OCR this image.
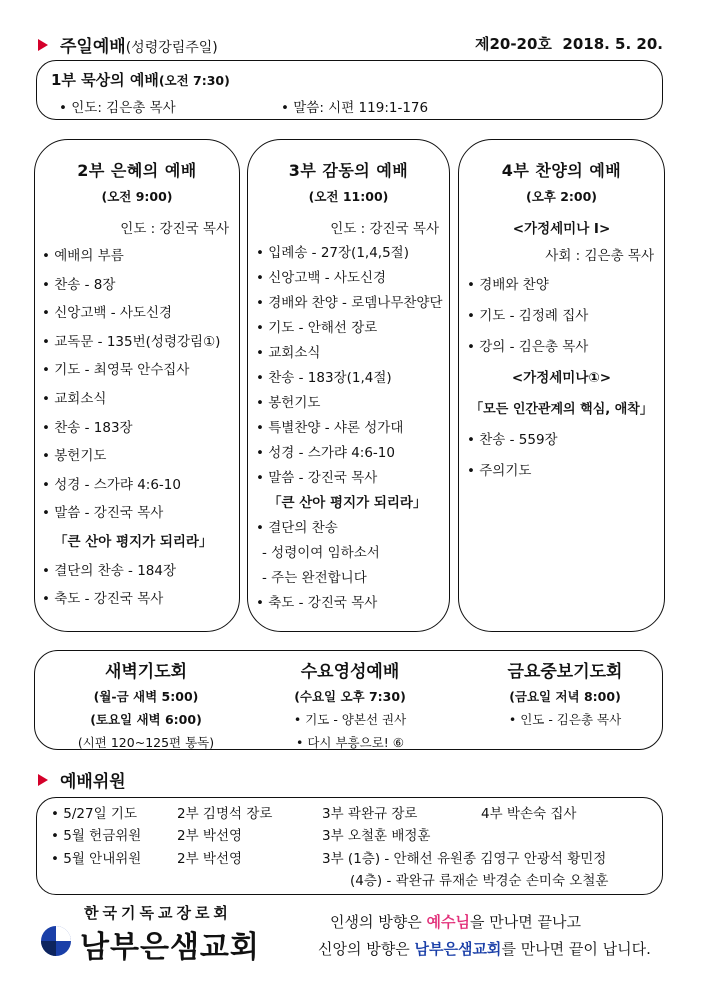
주일예배(성령강림주일)	제20-20호 2018. 5. 20.
1부 묵상의 예배(오전 7:30)
• 인도: 김은총 목사	• 말씀: 시편 119:1-176
2부 은혜의 예배
(오전 9:00)
인도 : 강진국 목사
• 예배의 부름
• 찬송 - 8장
• 신앙고백 - 사도신경
• 교독문 - 135번(성령강림①)
• 기도 - 최영묵 안수집사
• 교회소식
• 찬송 - 183장
• 봉헌기도
• 성경 - 스가랴 4:6-10
• 말씀 - 강진국 목사
「큰 산아 평지가 되리라」
• 결단의 찬송 - 184장
• 축도 - 강진국 목사
3부 감동의 예배
(오전 11:00)
인도 : 강진국 목사
• 입례송 - 27장(1,4,5절)
• 신앙고백 - 사도신경
• 경배와 찬양 - 로뎀나무찬양단
• 기도 - 안해선 장로
• 교회소식
• 찬송 - 183장(1,4절)
• 봉헌기도
• 특별찬양 - 샤론 성가대
• 성경 - 스가랴 4:6-10
• 말씀 - 강진국 목사
「큰 산아 평지가 되리라」
• 결단의 찬송
- 성령이여 임하소서
- 주는 완전합니다
• 축도 - 강진국 목사
4부 찬양의 예배
(오후 2:00)
<가정세미나 Ⅰ>
사회 : 김은총 목사
• 경배와 찬양
• 기도 - 김정례 집사
• 강의 - 김은총 목사
<가정세미나①>
「모든 인간관계의 핵심, 애착」
• 찬송 - 559장
• 주의기도
새벽기도회
(월-금 새벽 5:00)
(토요일 새벽 6:00)
(시편 120~125편 통독)
수요영성예배
(수요일 오후 7:30)
• 기도 - 양본선 권사
• 다시 부흥으로! ⑥
금요중보기도회
(금요일 저녁 8:00)
• 인도 - 김은총 목사
예배위원
• 5/27일 기도	2부 김명석 장로	3부 곽완규 장로	4부 박손숙 집사
• 5월 헌금위원	2부 박선영	3부 오철훈 배정훈
• 5월 안내위원	2부 박선영	3부 (1층) - 안해선 유원종 김영구 안광석 황민정
(4층) - 곽완규 류재순 박경순 손미숙 오철훈
한국기독교장로회
남부은샘교회
인생의 방향은 예수님을 만나면 끝나고
신앙의 방향은 남부은샘교회를 만나면 끝이 납니다.
